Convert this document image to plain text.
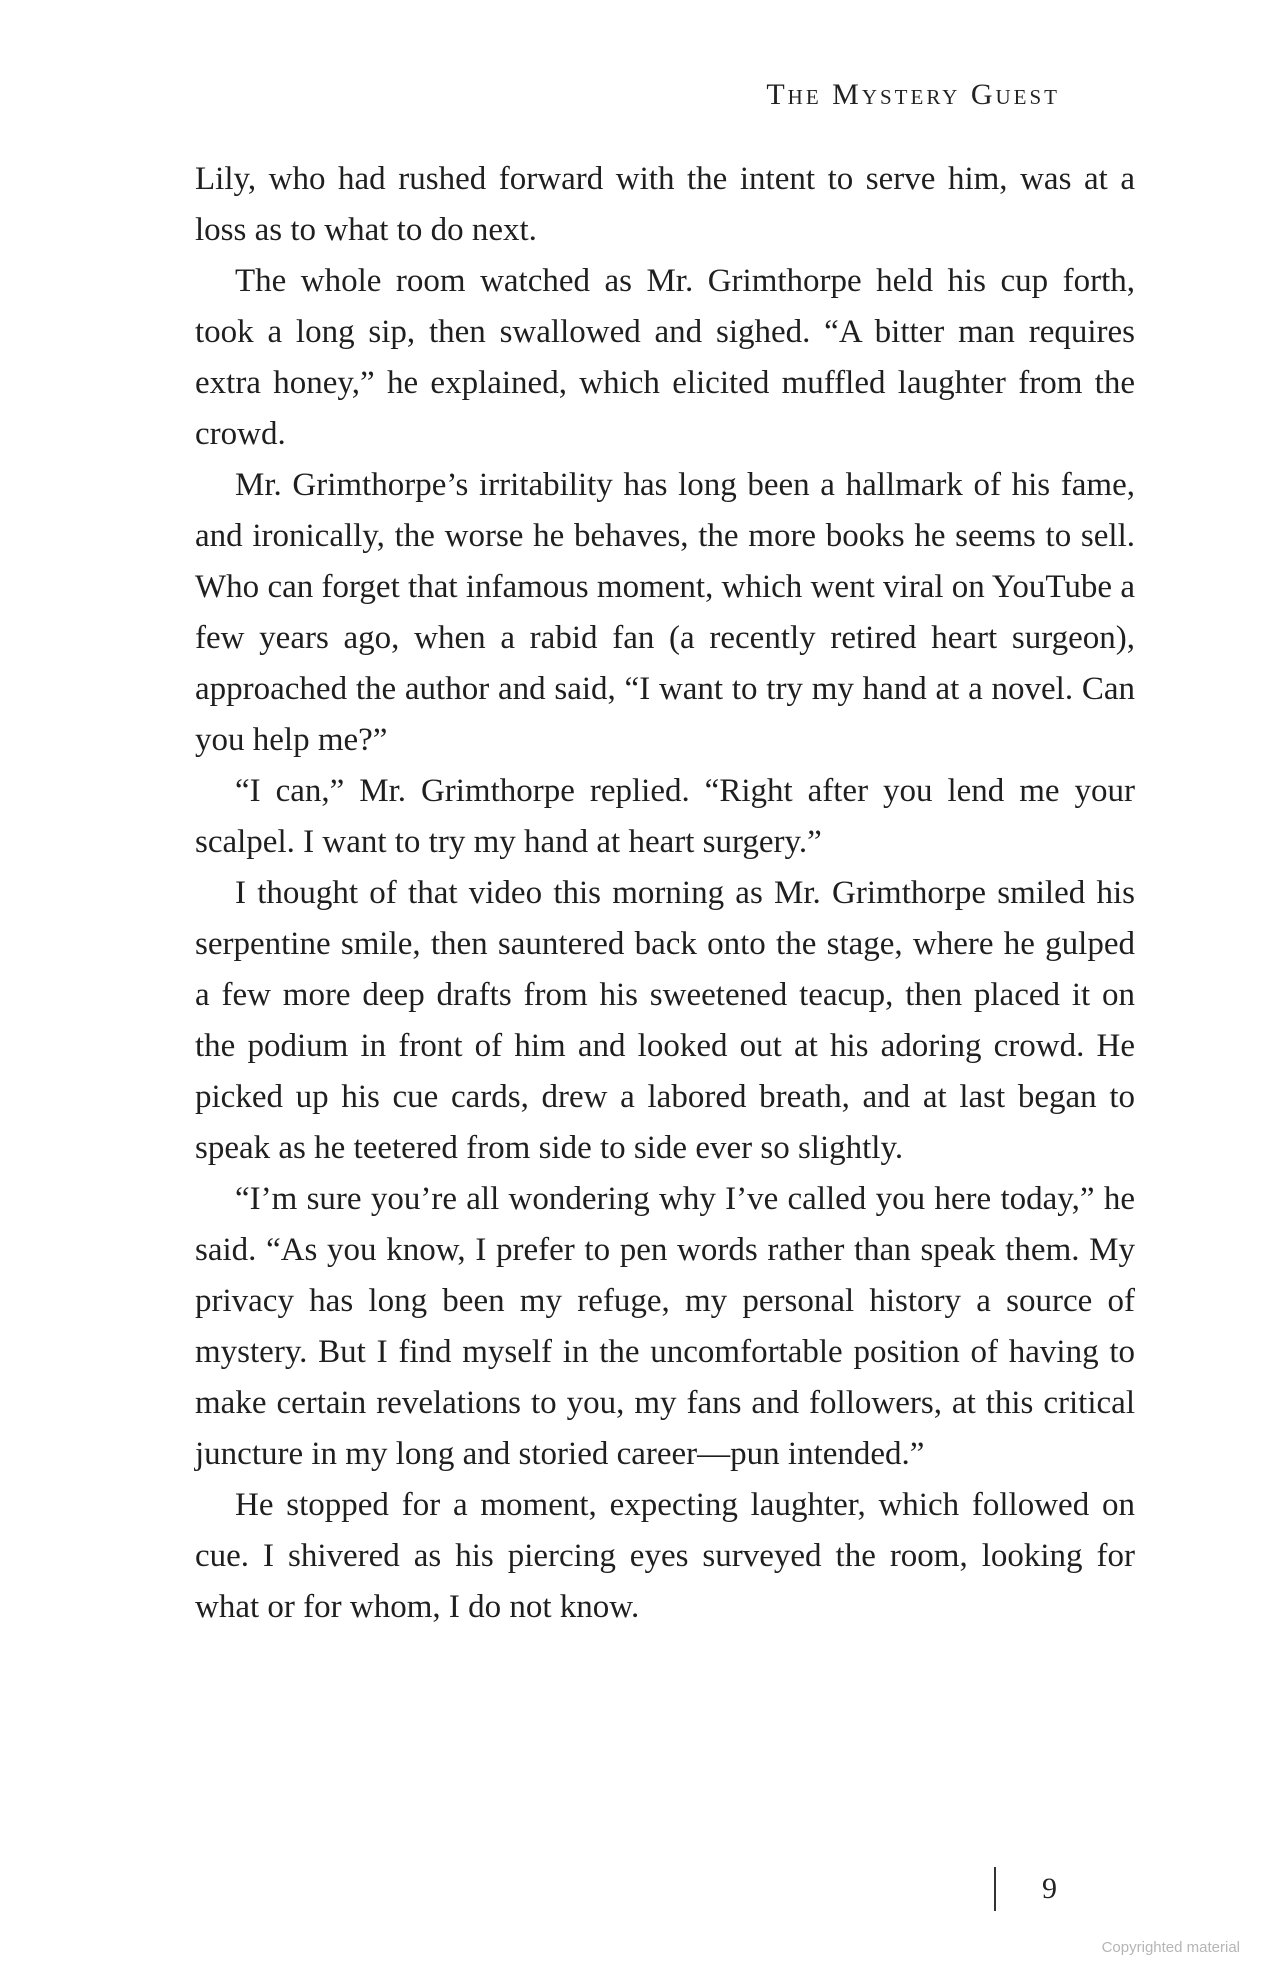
The Mystery Guest

Lily, who had rushed forward with the intent to serve him, was at a loss as to what to do next.

The whole room watched as Mr. Grimthorpe held his cup forth, took a long sip, then swallowed and sighed. “A bitter man requires extra honey,” he explained, which elicited muffled laughter from the crowd.

Mr. Grimthorpe’s irritability has long been a hallmark of his fame, and ironically, the worse he behaves, the more books he seems to sell. Who can forget that infamous moment, which went viral on YouTube a few years ago, when a rabid fan (a recently retired heart surgeon), approached the author and said, “I want to try my hand at a novel. Can you help me?”

“I can,” Mr. Grimthorpe replied. “Right after you lend me your scalpel. I want to try my hand at heart surgery.”

I thought of that video this morning as Mr. Grimthorpe smiled his serpentine smile, then sauntered back onto the stage, where he gulped a few more deep drafts from his sweetened teacup, then placed it on the podium in front of him and looked out at his adoring crowd. He picked up his cue cards, drew a labored breath, and at last began to speak as he teetered from side to side ever so slightly.

“I’m sure you’re all wondering why I’ve called you here today,” he said. “As you know, I prefer to pen words rather than speak them. My privacy has long been my refuge, my personal history a source of mystery. But I find myself in the uncomfortable position of having to make certain revelations to you, my fans and followers, at this critical juncture in my long and storied career—pun intended.”

He stopped for a moment, expecting laughter, which followed on cue. I shivered as his piercing eyes surveyed the room, looking for what or for whom, I do not know.

9
Copyrighted material
